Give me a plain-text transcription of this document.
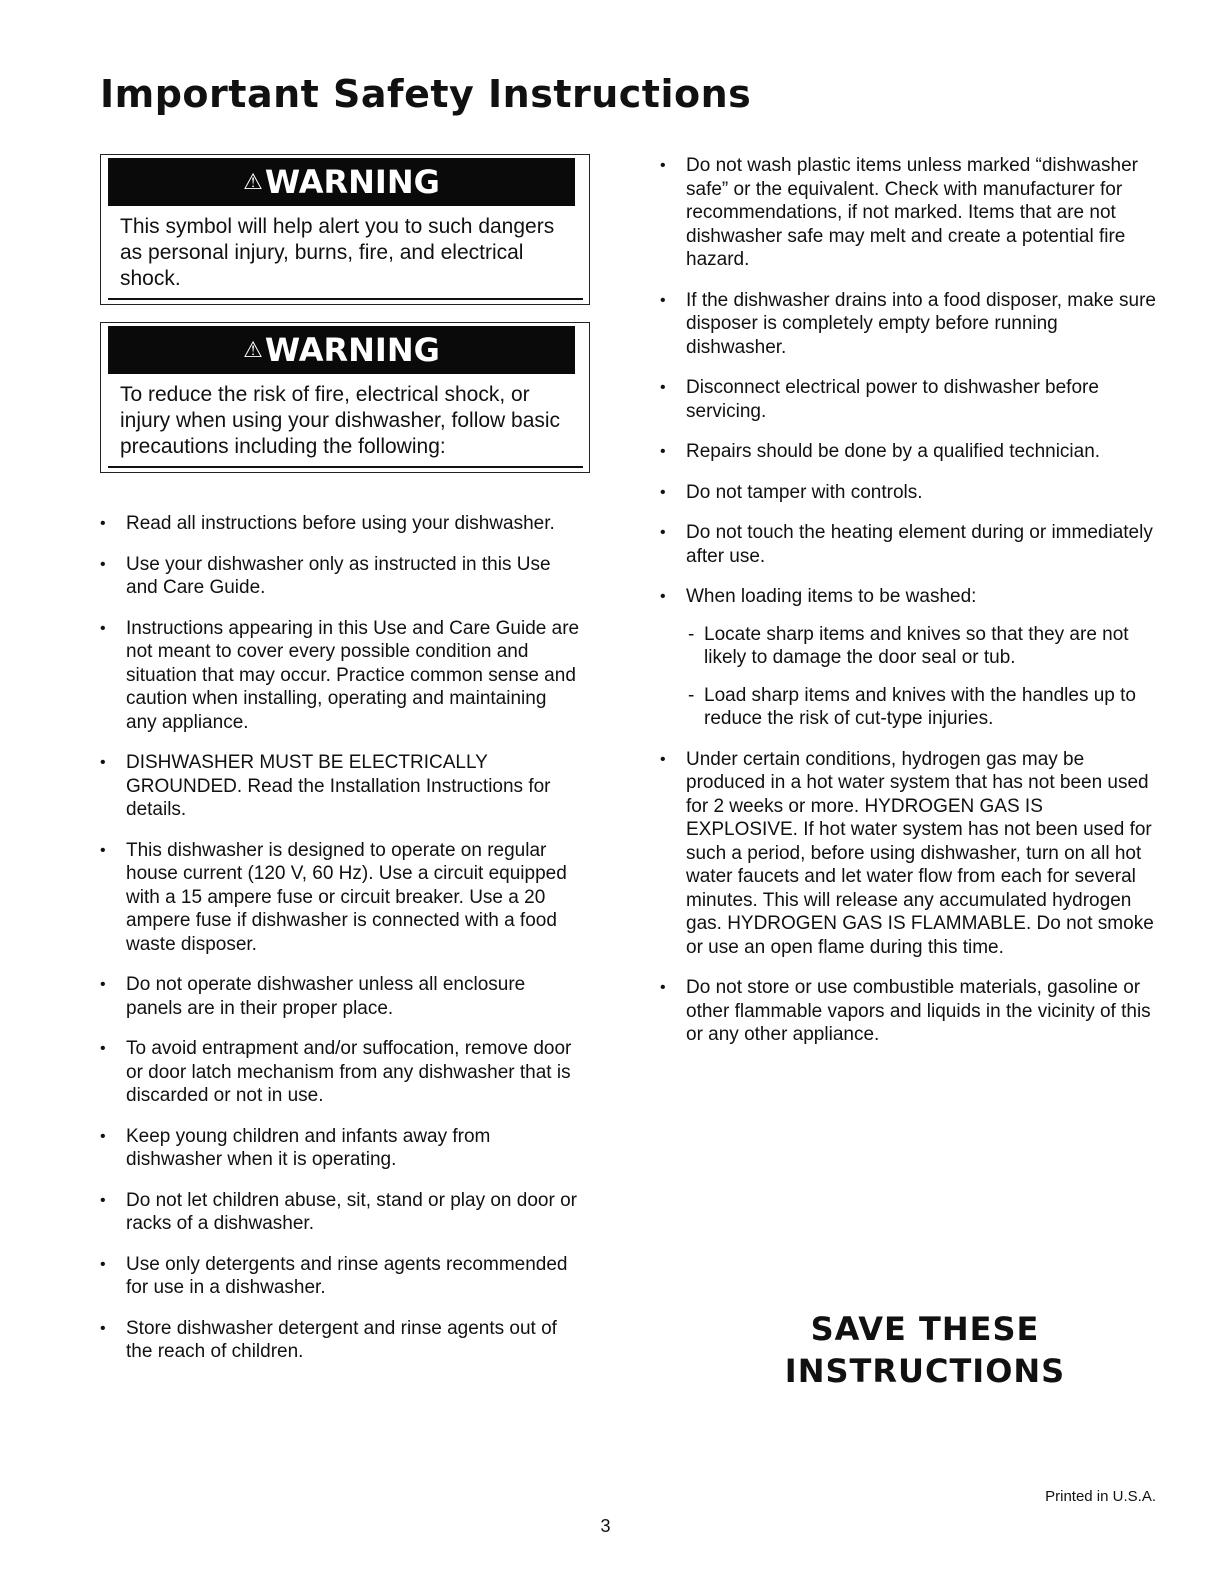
Important Safety Instructions
⚠ WARNING

This symbol will help alert you to such dangers as personal injury, burns, fire, and electrical shock.

⚠ WARNING

To reduce the risk of fire, electrical shock, or injury when using your dishwasher, follow basic precautions including the following:

• Read all instructions before using your dishwasher.
• Use your dishwasher only as instructed in this Use and Care Guide.
• Instructions appearing in this Use and Care Guide are not meant to cover every possible condition and situation that may occur. Practice common sense and caution when installing, operating and maintaining any appliance.
• DISHWASHER MUST BE ELECTRICALLY GROUNDED. Read the Installation Instructions for details.
• This dishwasher is designed to operate on regular house current (120 V, 60 Hz). Use a circuit equipped with a 15 ampere fuse or circuit breaker. Use a 20 ampere fuse if dishwasher is connected with a food waste disposer.
• Do not operate dishwasher unless all enclosure panels are in their proper place.
• To avoid entrapment and/or suffocation, remove door or door latch mechanism from any dishwasher that is discarded or not in use.
• Keep young children and infants away from dishwasher when it is operating.
• Do not let children abuse, sit, stand or play on door or racks of a dishwasher.
• Use only detergents and rinse agents recommended for use in a dishwasher.
• Store dishwasher detergent and rinse agents out of the reach of children.
• Do not wash plastic items unless marked “dishwasher safe” or the equivalent. Check with manufacturer for recommendations, if not marked. Items that are not dishwasher safe may melt and create a potential fire hazard.
• If the dishwasher drains into a food disposer, make sure disposer is completely empty before running dishwasher.
• Disconnect electrical power to dishwasher before servicing.
• Repairs should be done by a qualified technician.
• Do not tamper with controls.
• Do not touch the heating element during or immediately after use.
• When loading items to be washed:
- Locate sharp items and knives so that they are not likely to damage the door seal or tub.
- Load sharp items and knives with the handles up to reduce the risk of cut-type injuries.
• Under certain conditions, hydrogen gas may be produced in a hot water system that has not been used for 2 weeks or more. HYDROGEN GAS IS EXPLOSIVE. If hot water system has not been used for such a period, before using dishwasher, turn on all hot water faucets and let water flow from each for several minutes. This will release any accumulated hydrogen gas. HYDROGEN GAS IS FLAMMABLE. Do not smoke or use an open flame during this time.
• Do not store or use combustible materials, gasoline or other flammable vapors and liquids in the vicinity of this or any other appliance.
SAVE THESE
INSTRUCTIONS
Printed in U.S.A.
3
